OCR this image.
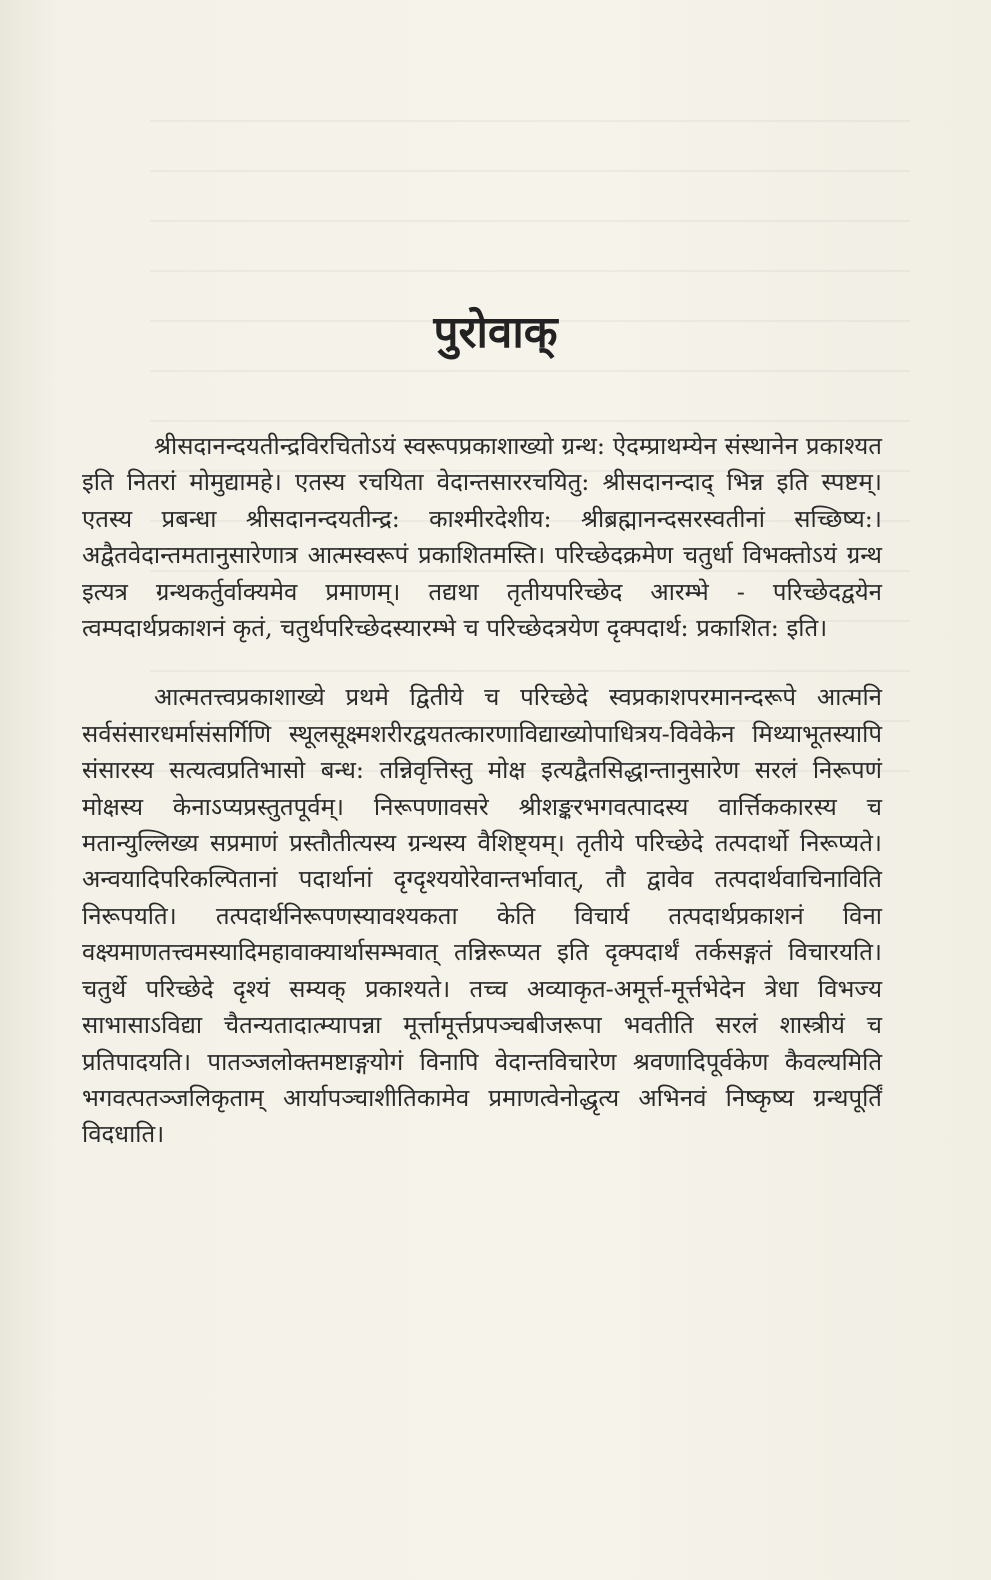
पुरोवाक्

श्रीसदानन्दयतीन्द्रविरचितोऽयं स्वरूपप्रकाशाख्यो ग्रन्थ: ऐदम्प्राथम्येन संस्थानेन प्रकाश्यत इति नितरां मोमुद्यामहे। एतस्य रचयिता वेदान्तसाररचयितु: श्रीसदानन्दाद् भिन्न इति स्पष्टम्। एतस्य प्रबन्धा श्रीसदानन्दयतीन्द्र: काश्मीरदेशीय: श्रीब्रह्मानन्दसरस्वतीनां सच्छिष्य:। अद्वैतवेदान्तमतानुसारेणात्र आत्मस्वरूपं प्रकाशितमस्ति। परिच्छेदक्रमेण चतुर्धा विभक्तोऽयं ग्रन्थ इत्यत्र ग्रन्थकर्तुर्वाक्यमेव प्रमाणम्। तद्यथा तृतीयपरिच्छेद आरम्भे - परिच्छेदद्वयेन त्वम्पदार्थप्रकाशनं कृतं, चतुर्थपरिच्छेदस्यारम्भे च परिच्छेदत्रयेण दृक्पदार्थ: प्रकाशित: इति।

आत्मतत्त्वप्रकाशाख्ये प्रथमे द्वितीये च परिच्छेदे स्वप्रकाशपरमानन्दरूपे आत्मनि सर्वसंसारधर्मासंसर्गिणि स्थूलसूक्ष्मशरीरद्वयतत्कारणाविद्याख्योपाधित्रय-विवेकेन मिथ्याभूतस्यापि संसारस्य सत्यत्वप्रतिभासो बन्ध: तन्निवृत्तिस्तु मोक्ष इत्यद्वैतसिद्धान्तानुसारेण सरलं निरूपणं मोक्षस्य केनाऽप्यप्रस्तुतपूर्वम्। निरूपणावसरे श्रीशङ्करभगवत्पादस्य वार्त्तिककारस्य च मतान्युल्लिख्य सप्रमाणं प्रस्तौतीत्यस्य ग्रन्थस्य वैशिष्ट्यम्। तृतीये परिच्छेदे तत्पदार्थो निरूप्यते। अन्वयादिपरिकल्पितानां पदार्थानां दृग्दृश्ययोरेवान्तर्भावात्, तौ द्वावेव तत्पदार्थवाचिनाविति निरूपयति। तत्पदार्थनिरूपणस्यावश्यकता केति विचार्य तत्पदार्थप्रकाशनं विना वक्ष्यमाणतत्त्वमस्यादिमहावाक्यार्थासम्भवात् तन्निरूप्यत इति दृक्पदार्थं तर्कसङ्गतं विचारयति। चतुर्थे परिच्छेदे दृश्यं सम्यक् प्रकाश्यते। तच्च अव्याकृत-अमूर्त्त-मूर्त्तभेदेन त्रेधा विभज्य साभासाऽविद्या चैतन्यतादात्म्यापन्ना मूर्त्तामूर्त्तप्रपञ्चबीजरूपा भवतीति सरलं शास्त्रीयं च प्रतिपादयति। पातञ्जलोक्तमष्टाङ्गयोगं विनापि वेदान्तविचारेण श्रवणादिपूर्वकेण कैवल्यमिति भगवत्पतञ्जलिकृताम् आर्यापञ्चाशीतिकामेव प्रमाणत्वेनोद्धृत्य अभिनवं निष्कृष्य ग्रन्थपूर्तिं विदधाति।
